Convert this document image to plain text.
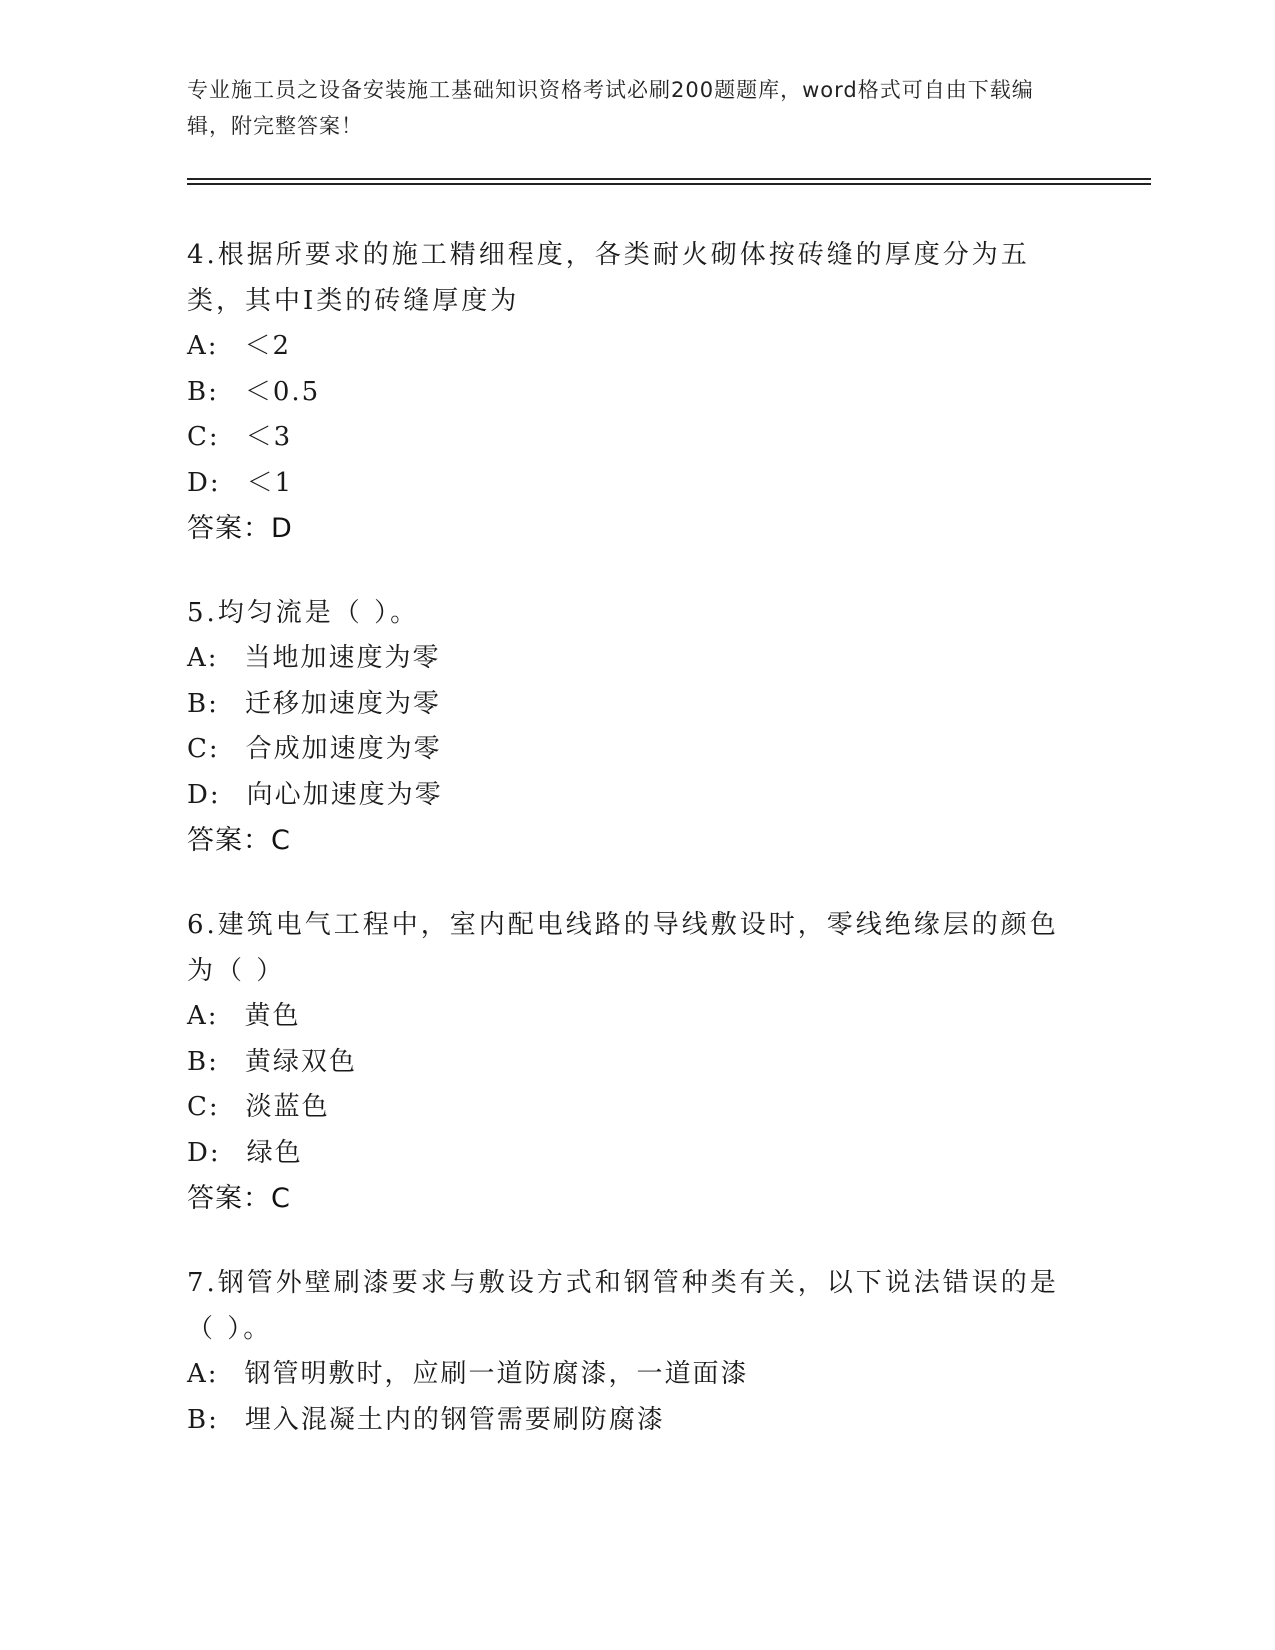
专业施工员之设备安装施工基础知识资格考试必刷200题题库，word格式可自由下载编辑，附完整答案！

4.根据所要求的施工精细程度，各类耐火砌体按砖缝的厚度分为五类，其中Ⅰ类的砖缝厚度为

A: ＜2

B: ＜0.5

C: ＜3

D: ＜1

答案：D

5.均匀流是（ ）。

A: 当地加速度为零

B: 迁移加速度为零

C: 合成加速度为零

D: 向心加速度为零

答案：C

6.建筑电气工程中，室内配电线路的导线敷设时，零线绝缘层的颜色为（ ）

A: 黄色

B: 黄绿双色

C: 淡蓝色

D: 绿色

答案：C

7.钢管外壁刷漆要求与敷设方式和钢管种类有关，以下说法错误的是（ ）。

A: 钢管明敷时，应刷一道防腐漆，一道面漆

B: 埋入混凝土内的钢管需要刷防腐漆
